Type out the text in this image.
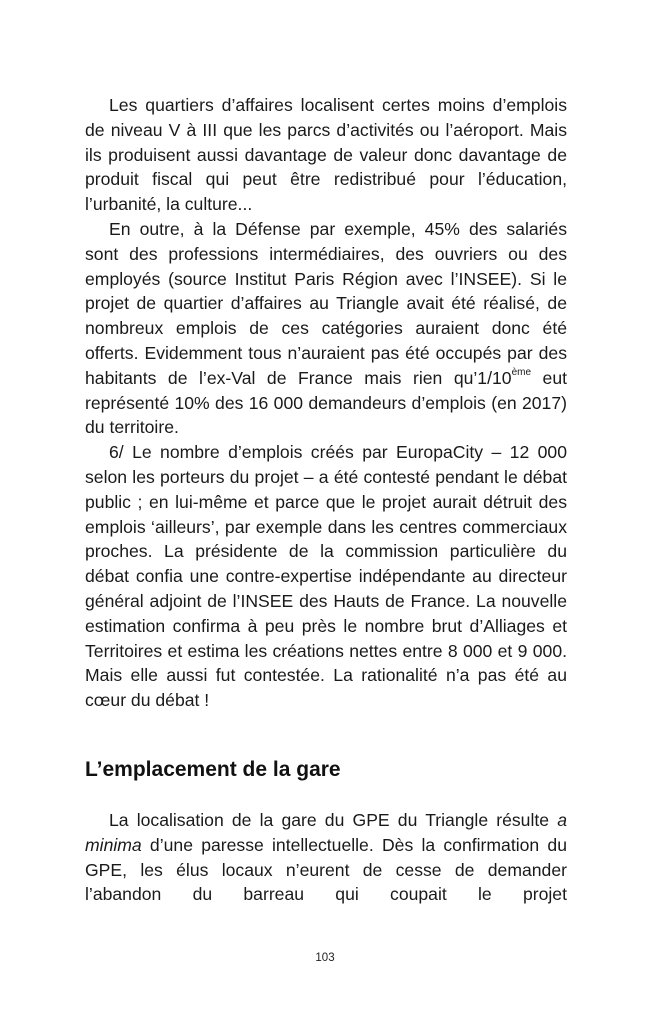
Les quartiers d’affaires localisent certes moins d’emplois de niveau V à III que les parcs d’activités ou l’aéroport. Mais ils produisent aussi davantage de valeur donc davantage de produit fiscal qui peut être redistribué pour l’éducation, l’urbanité, la culture...

En outre, à la Défense par exemple, 45% des salariés sont des professions intermédiaires, des ouvriers ou des employés (source Institut Paris Région avec l’INSEE). Si le projet de quartier d’affaires au Triangle avait été réalisé, de nombreux emplois de ces catégories auraient donc été offerts. Evidemment tous n’auraient pas été occupés par des habitants de l’ex-Val de France mais rien qu’1/10ème eut représenté 10% des 16 000 demandeurs d’emplois (en 2017) du territoire.

6/ Le nombre d’emplois créés par EuropaCity – 12 000 selon les porteurs du projet – a été contesté pendant le débat public ; en lui-même et parce que le projet aurait détruit des emplois ‘ailleurs’, par exemple dans les centres commerciaux proches. La présidente de la commission particulière du débat confia une contre-expertise indépendante au directeur général adjoint de l’INSEE des Hauts de France. La nouvelle estimation confirma à peu près le nombre brut d’Alliages et Territoires et estima les créations nettes entre 8 000 et 9 000. Mais elle aussi fut contestée. La rationalité n’a pas été au cœur du débat !

L’emplacement de la gare

La localisation de la gare du GPE du Triangle résulte a minima d’une paresse intellectuelle. Dès la confirmation du GPE, les élus locaux n’eurent de cesse de demander l’abandon du barreau qui coupait le projet

103
